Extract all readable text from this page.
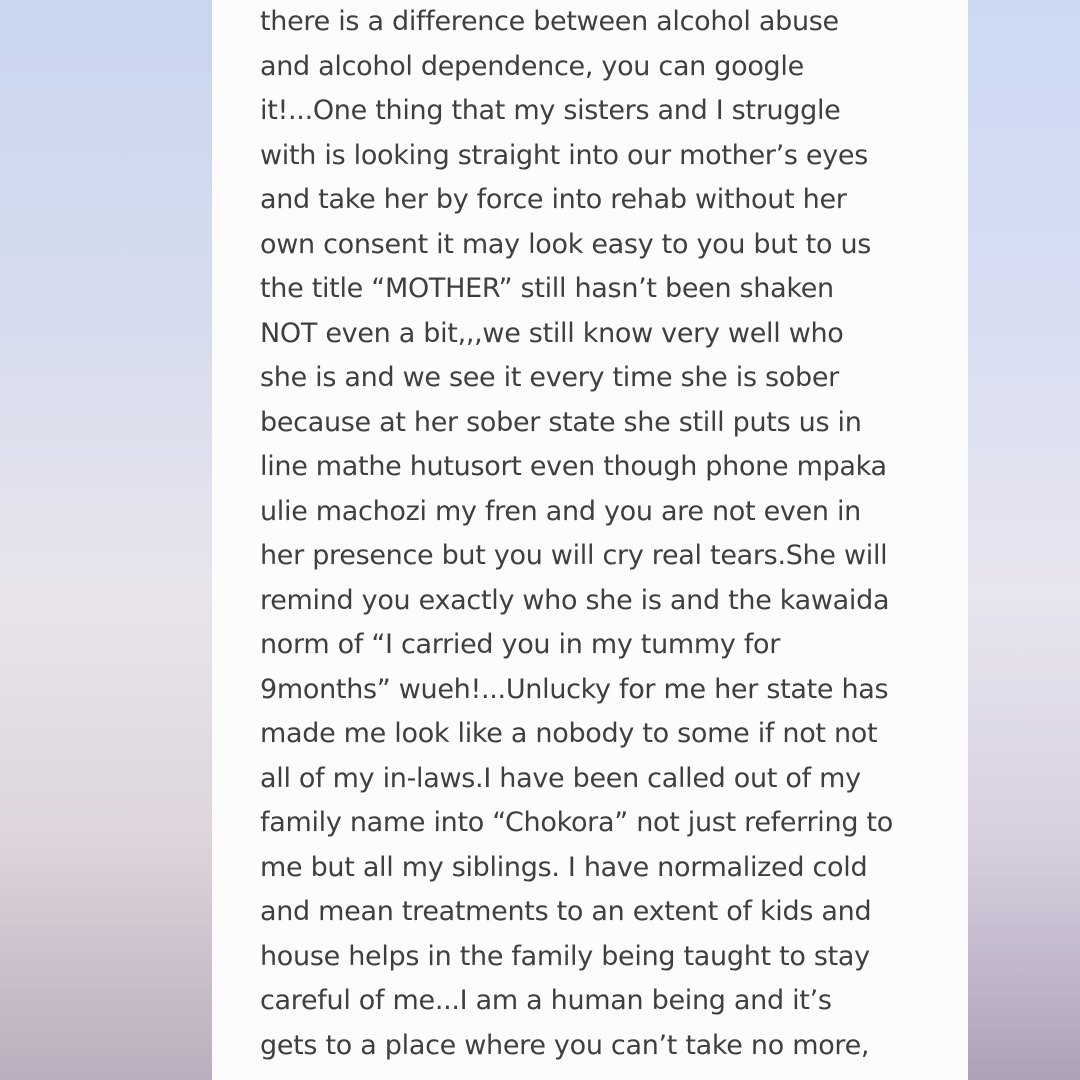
there is a difference between alcohol abuse
and alcohol dependence, you can google
it!...One thing that my sisters and I struggle
with is looking straight into our mother’s eyes
and take her by force into rehab without her
own consent it may look easy to you but to us
the title “MOTHER” still hasn’t been shaken
NOT even a bit,,,we still know very well who
she is and we see it every time she is sober
because at her sober state she still puts us in
line mathe hutusort even though phone mpaka
ulie machozi my fren and you are not even in
her presence but you will cry real tears.She will
remind you exactly who she is and the kawaida
norm of “I carried you in my tummy for
9months” wueh!...Unlucky for me her state has
made me look like a nobody to some if not not
all of my in-laws.I have been called out of my
family name into “Chokora” not just referring to
me but all my siblings. I have normalized cold
and mean treatments to an extent of kids and
house helps in the family being taught to stay
careful of me...I am a human being and it’s
gets to a place where you can’t take no more,
